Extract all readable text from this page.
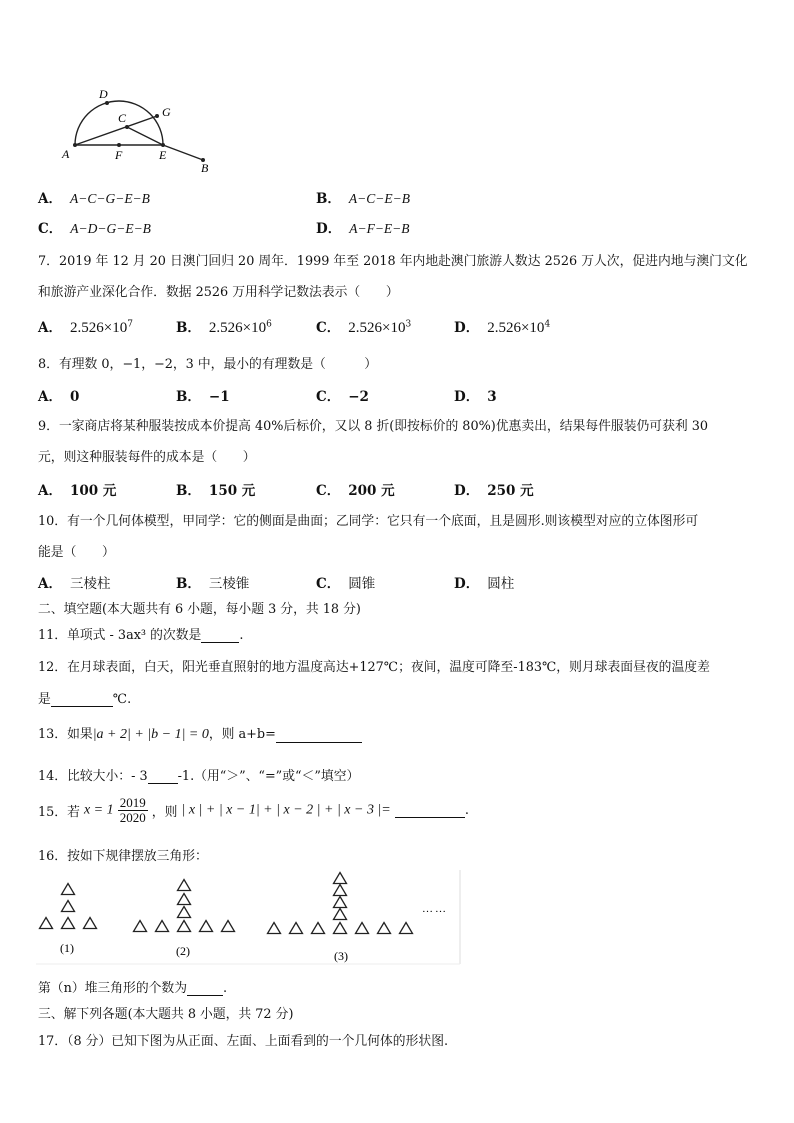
D
G
C
A	F	E
B
A． A−C−G−E−B	B． A−C−E−B
C． A−D−G−E−B	D． A−F−E−B
7．2019 年 12 月 20 日澳门回归 20 周年．1999 年至 2018 年内地赴澳门旅游人数达 2526 万人次，促进内地与澳门文化
和旅游产业深化合作．数据 2526 万用科学记数法表示（　　）
A． $2.526\times 10^7$	B． $2.526\times 10^6$	C． $2.526\times 10^3$	D． $2.526\times 10^4$
8．有理数 0，−1，−2，3 中，最小的有理数是（　　　）
A． 0	B． −1	C． −2	D． 3
9．一家商店将某种服装按成本价提高 40%后标价，又以 8 折(即按标价的 80%)优惠卖出，结果每件服装仍可获利 30
元，则这种服装每件的成本是（　　）
A． 100 元	B． 150 元	C． 200 元	D． 250 元
10．有一个几何体模型，甲同学：它的侧面是曲面；乙同学：它只有一个底面，且是圆形.则该模型对应的立体图形可
能是（　　）
A． 三棱柱	B． 三棱锥	C． 圆锥	D． 圆柱
二、填空题(本大题共有 6 小题，每小题 3 分，共 18 分)
11．单项式 - 3ax³ 的次数是	.
12．在月球表面，白天，阳光垂直照射的地方温度高达+127℃；夜间，温度可降至-183℃，则月球表面昼夜的温度差
是	℃.
13．如果|a + 2| + |b − 1| = 0，则 a+b=
14．比较大小：- 3 -1.（用“＞”、“=”或“＜”填空）
15．若 $x = 1 \frac{2019}{2020}$ ，则 | x | + | x − 1| + | x − 2 | + | x − 3 |=	.
16．按如下规律摆放三角形：
……
(1)	(2)	(3)
第（n）堆三角形的个数为	.
三、解下列各题(本大题共 8 小题，共 72 分)
17．（8 分）已知下图为从正面、左面、上面看到的一个几何体的形状图.
